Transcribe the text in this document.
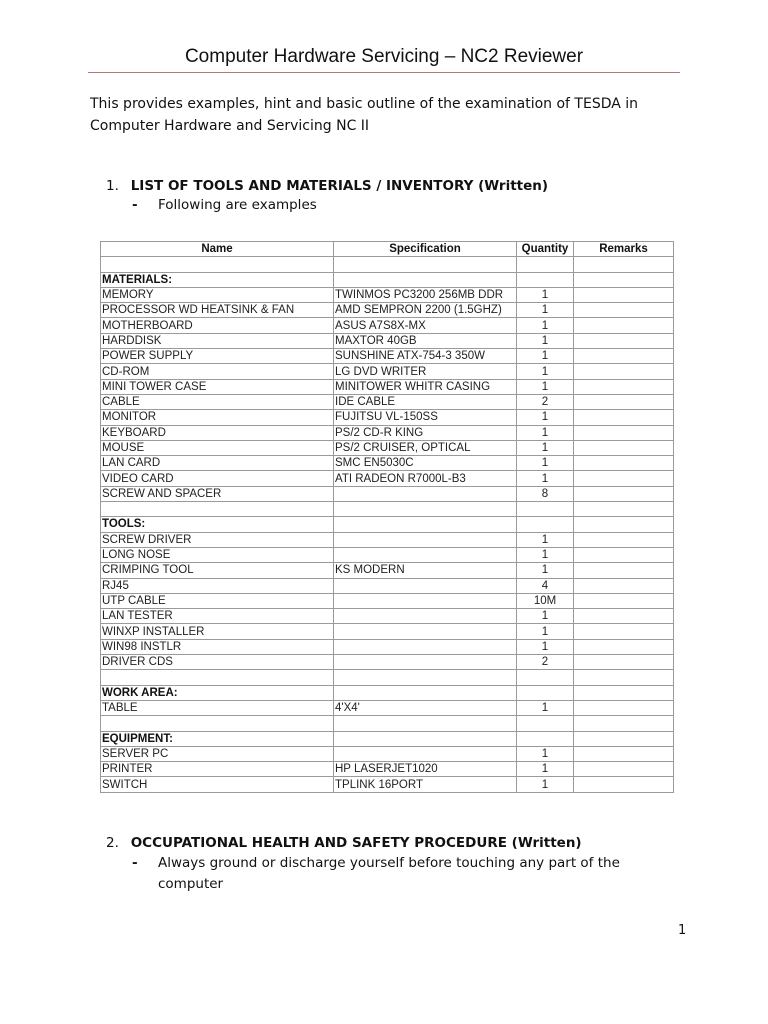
Computer Hardware Servicing – NC2 Reviewer
This provides examples, hint and basic outline of the examination of TESDA in Computer Hardware and Servicing NC II
1. LIST OF TOOLS AND MATERIALS / INVENTORY (Written)
- Following are examples
Name	Specification	Quantity	Remarks

MATERIALS:			
MEMORY	TWINMOS PC3200 256MB DDR	1	
PROCESSOR WD HEATSINK & FAN	AMD SEMPRON 2200 (1.5GHZ)	1	
MOTHERBOARD	ASUS A7S8X-MX	1	
HARDDISK	MAXTOR 40GB	1	
POWER SUPPLY	SUNSHINE ATX-754-3 350W	1	
CD-ROM	LG DVD WRITER	1	
MINI TOWER CASE	MINITOWER WHITR CASING	1	
CABLE	IDE CABLE	2	
MONITOR	FUJITSU VL-150SS	1	
KEYBOARD	PS/2 CD-R KING	1	
MOUSE	PS/2 CRUISER, OPTICAL	1	
LAN CARD	SMC EN5030C	1	
VIDEO CARD	ATI RADEON R7000L-B3	1	
SCREW AND SPACER		8	

TOOLS:			
SCREW DRIVER		1	
LONG NOSE		1	
CRIMPING TOOL	KS MODERN	1	
RJ45		4	
UTP CABLE		10M	
LAN TESTER		1	
WINXP INSTALLER		1	
WIN98 INSTLR		1	
DRIVER CDS		2	

WORK AREA:			
TABLE	4'X4'	1	

EQUIPMENT:			
SERVER PC		1	
PRINTER	HP LASERJET1020	1	
SWITCH	TPLINK 16PORT	1	
2. OCCUPATIONAL HEALTH AND SAFETY PROCEDURE (Written)
- Always ground or discharge yourself before touching any part of the computer
1
